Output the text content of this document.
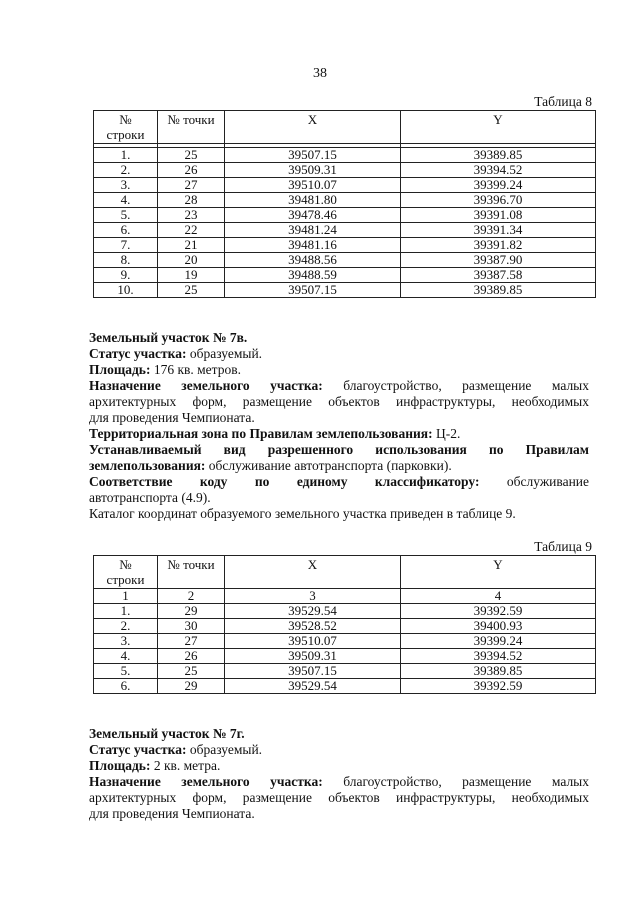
38
Таблица 8
№
строки	№ точки	X	Y

1.	25	39507.15	39389.85
2.	26	39509.31	39394.52
3.	27	39510.07	39399.24
4.	28	39481.80	39396.70
5.	23	39478.46	39391.08
6.	22	39481.24	39391.34
7.	21	39481.16	39391.82
8.	20	39488.56	39387.90
9.	19	39488.59	39387.58
10.	25	39507.15	39389.85

Земельный участок № 7в.

Статус участка: образуемый.

Площадь: 176 кв. метров.

Назначение земельного участка: благоустройство, размещение малых

архитектурных форм, размещение объектов инфраструктуры, необходимых

для проведения Чемпионата.

Территориальная зона по Правилам землепользования: Ц-2.

Устанавливаемый вид разрешенного использования по Правилам

землепользования: обслуживание автотранспорта (парковки).

Соответствие коду по единому классификатору: обслуживание

автотранспорта (4.9).

Каталог координат образуемого земельного участка приведен в таблице 9.

Таблица 9
№
строки	№ точки	X	Y
1	2	3	4
1.	29	39529.54	39392.59
2.	30	39528.52	39400.93
3.	27	39510.07	39399.24
4.	26	39509.31	39394.52
5.	25	39507.15	39389.85
6.	29	39529.54	39392.59

Земельный участок № 7г.

Статус участка: образуемый.

Площадь: 2 кв. метра.

Назначение земельного участка: благоустройство, размещение малых

архитектурных форм, размещение объектов инфраструктуры, необходимых

для проведения Чемпионата.
